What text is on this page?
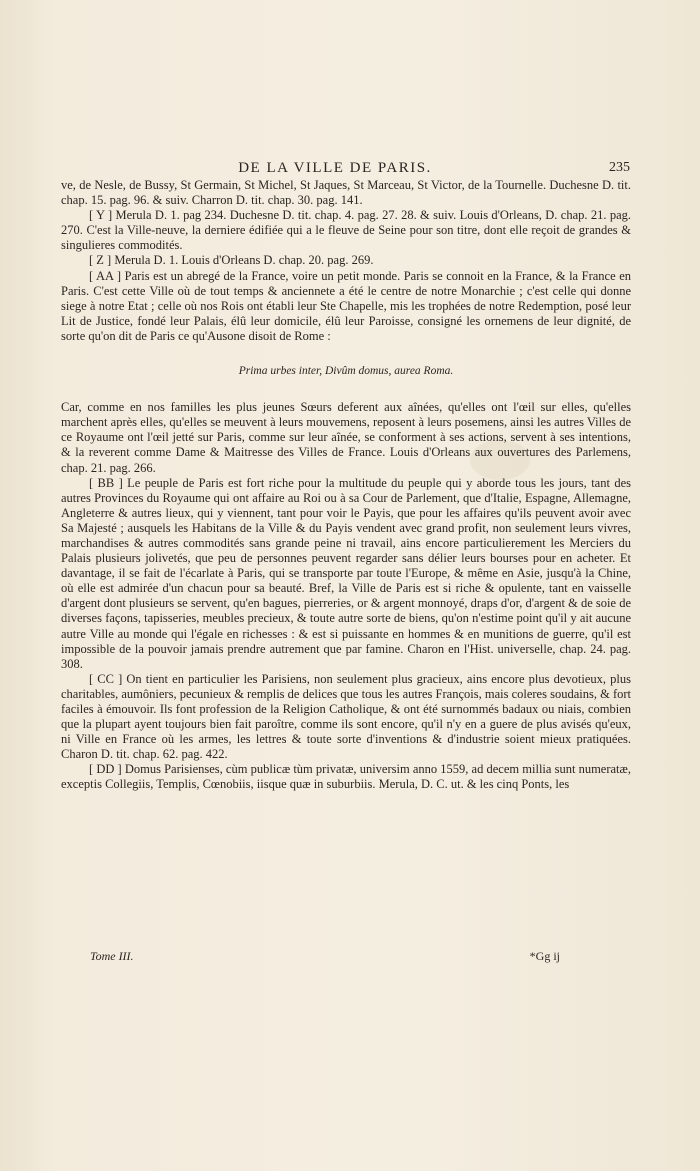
DE LA VILLE DE PARIS.	235

ve, de Nesle, de Bussy, St Germain, St Michel, St Jaques, St Marceau, St Victor, de la Tournelle. Duchesne D. tit. chap. 15. pag. 96. & suiv. Charron D. tit. chap. 30. pag. 141.

[ Y ] Merula D. 1. pag 234. Duchesne D. tit. chap. 4. pag. 27. 28. & suiv. Louis d'Orleans, D. chap. 21. pag. 270. C'est la Ville-neuve, la derniere édifiée qui a le fleuve de Seine pour son titre, dont elle reçoit de grandes & singulieres commodités.

[ Z ] Merula D. 1. Louis d'Orleans D. chap. 20. pag. 269.

[ AA ] Paris est un abregé de la France, voire un petit monde. Paris se connoit en la France, & la France en Paris. C'est cette Ville où de tout temps & anciennete a été le centre de notre Monarchie ; c'est celle qui donne siege à notre Etat ; celle où nos Rois ont établi leur Ste Chapelle, mis les trophées de notre Redemption, posé leur Lit de Justice, fondé leur Palais, élû leur domicile, élû leur Paroisse, consigné les ornemens de leur dignité, de sorte qu'on dit de Paris ce qu'Ausone disoit de Rome :

Prima urbes inter, Divûm domus, aurea Roma.

Car, comme en nos familles les plus jeunes Sœurs deferent aux aînées, qu'elles ont l'œil sur elles, qu'elles marchent après elles, qu'elles se meuvent à leurs mouvemens, reposent à leurs posemens, ainsi les autres Villes de ce Royaume ont l'œil jetté sur Paris, comme sur leur aînée, se conforment à ses actions, servent à ses intentions, & la reverent comme Dame & Maitresse des Villes de France. Louis d'Orleans aux ouvertures des Parlemens, chap. 21. pag. 266.

[ BB ] Le peuple de Paris est fort riche pour la multitude du peuple qui y aborde tous les jours, tant des autres Provinces du Royaume qui ont affaire au Roi ou à sa Cour de Parlement, que d'Italie, Espagne, Allemagne, Angleterre & autres lieux, qui y viennent, tant pour voir le Payis, que pour les affaires qu'ils peuvent avoir avec Sa Majesté ; ausquels les Habitans de la Ville & du Payis vendent avec grand profit, non seulement leurs vivres, marchandises & autres commodités sans grande peine ni travail, ains encore particulierement les Merciers du Palais plusieurs jolivetés, que peu de personnes peuvent regarder sans délier leurs bourses pour en acheter. Et davantage, il se fait de l'écarlate à Paris, qui se transporte par toute l'Europe, & même en Asie, jusqu'à la Chine, où elle est admirée d'un chacun pour sa beauté. Bref, la Ville de Paris est si riche & opulente, tant en vaisselle d'argent dont plusieurs se servent, qu'en bagues, pierreries, or & argent monnoyé, draps d'or, d'argent & de soie de diverses façons, tapisseries, meubles precieux, & toute autre sorte de biens, qu'on n'estime point qu'il y ait aucune autre Ville au monde qui l'égale en richesses : & est si puissante en hommes & en munitions de guerre, qu'il est impossible de la pouvoir jamais prendre autrement que par famine. Charon en l'Hist. universelle, chap. 24. pag. 308.

[ CC ] On tient en particulier les Parisiens, non seulement plus gracieux, ains encore plus devotieux, plus charitables, aumôniers, pecunieux & remplis de delices que tous les autres François, mais coleres soudains, & fort faciles à émouvoir. Ils font profession de la Religion Catholique, & ont été surnommés badaux ou niais, combien que la plupart ayent toujours bien fait paroître, comme ils sont encore, qu'il n'y en a guere de plus avisés qu'eux, ni Ville en France où les armes, les lettres & toute sorte d'inventions & d'industrie soient mieux pratiquées. Charon D. tit. chap. 62. pag. 422.

[ DD ] Domus Parisienses, cùm publicæ tùm privatæ, universim anno 1559, ad decem millia sunt numeratæ, exceptis Collegiis, Templis, Cœnobiis, iisque quæ in suburbiis. Merula, D. C. ut. & les cinq Ponts, les

Tome III.	*Gg ij
